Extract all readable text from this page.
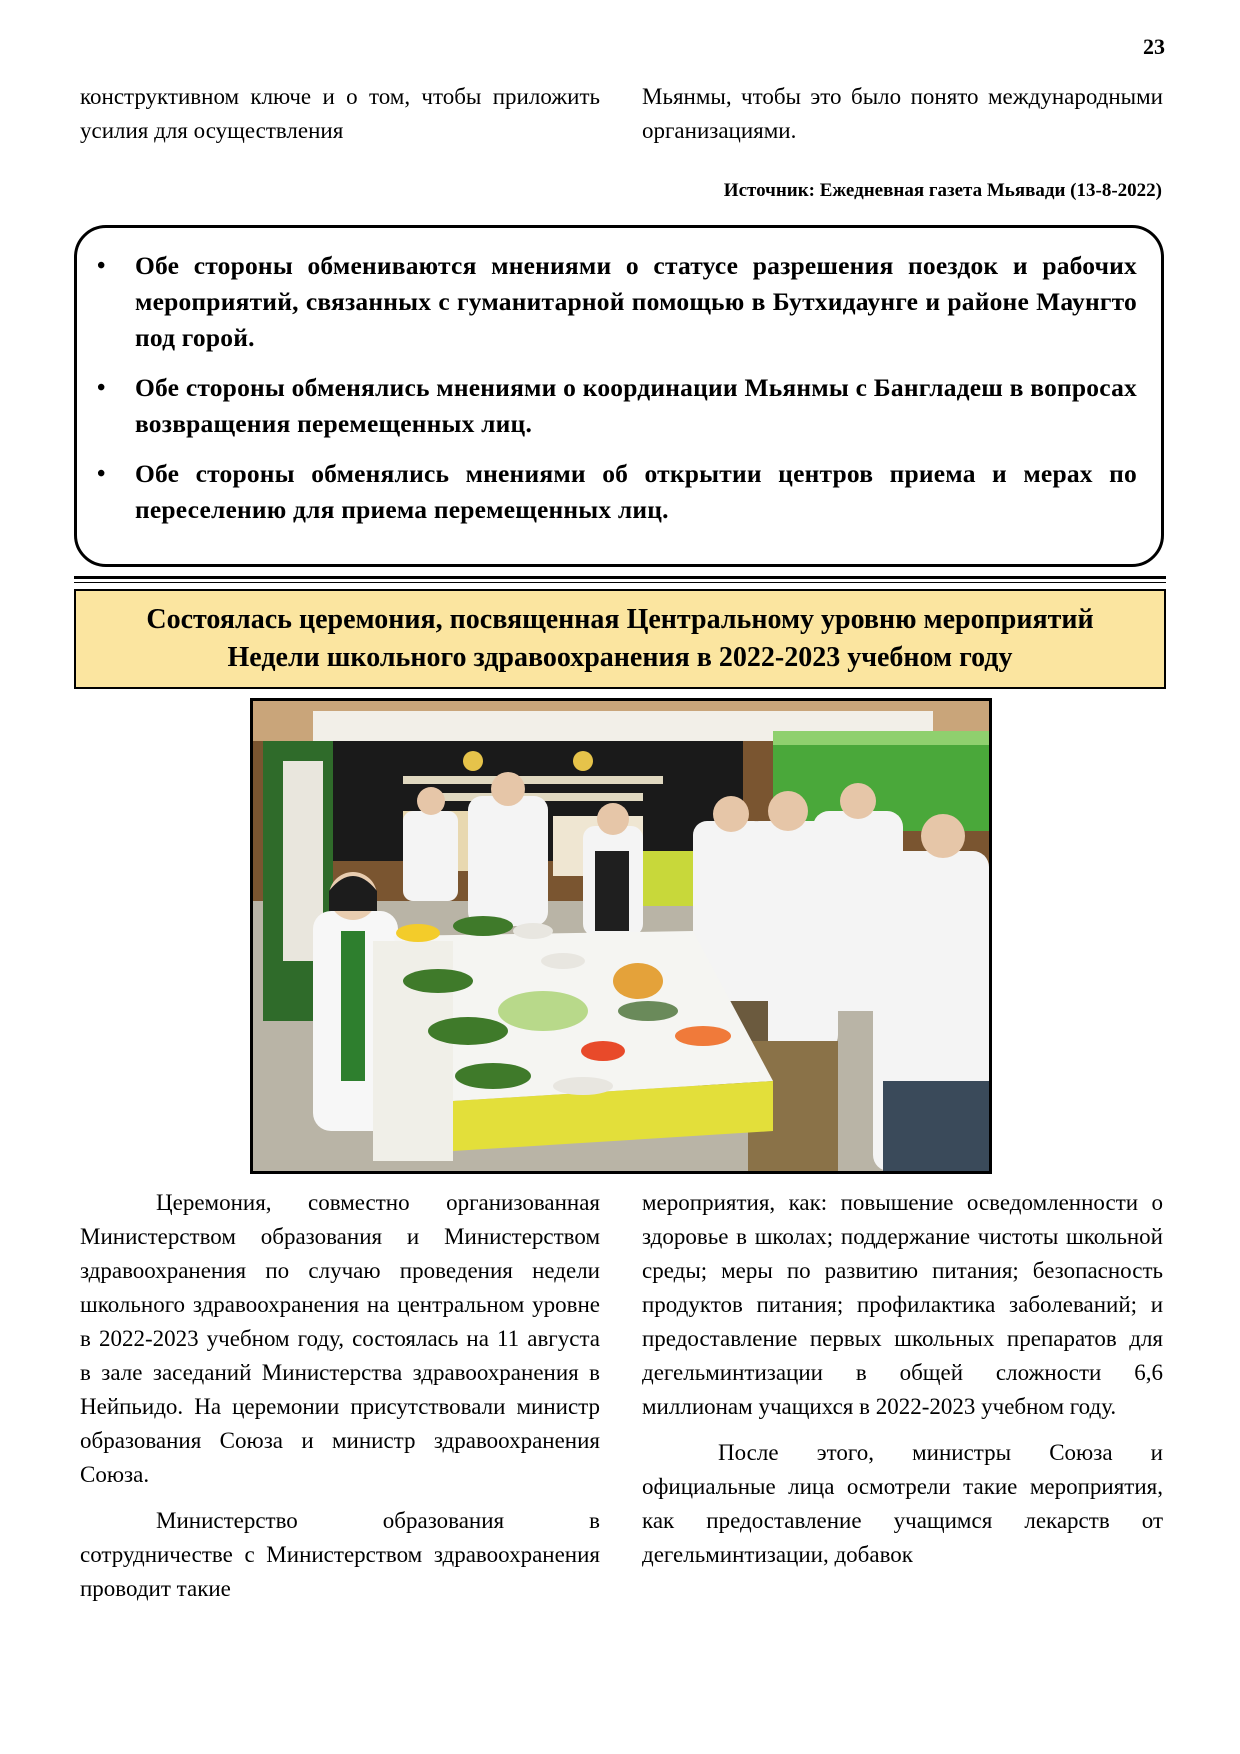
23

конструктивном ключе и о том, чтобы приложить усилия для осуществления

Мьянмы, чтобы это было понято международными организациями.

Источник: Ежедневная газета Мьявади (13-8-2022)
• Обе стороны обмениваются мнениями о статусе разрешения поездок и рабочих мероприятий, связанных с гуманитарной помощью в Бутхидаунге и районе Маунгто под горой.
• Обе стороны обменялись мнениями о координации Мьянмы с Бангладеш в вопросах возвращения перемещенных лиц.
• Обе стороны обменялись мнениями об открытии центров приема и мерах по переселению для приема перемещенных лиц.
Состоялась церемония, посвященная Центральному уровню мероприятий
Недели школьного здравоохранения в 2022-2023 учебном году

Церемония, совместно организованная Министерством образования и Министерством здравоохранения по случаю проведения недели школьного здравоохранения на центральном уровне в 2022-2023 учебном году, состоялась на 11 августа в зале заседаний Министерства здравоохранения в Нейпьидо. На церемонии присутствовали министр образования Союза и министр здравоохранения Союза.

Министерство образования в сотрудничестве с Министерством здравоохранения проводит такие

мероприятия, как: повышение осведомленности о здоровье в школах; поддержание чистоты школьной среды; меры по развитию питания; безопасность продуктов питания; профилактика заболеваний; и предоставление первых школьных препаратов для дегельминтизации в общей сложности 6,6 миллионам учащихся в 2022-2023 учебном году.

После этого, министры Союза и официальные лица осмотрели такие мероприятия, как предоставление учащимся лекарств от дегельминтизации, добавок
